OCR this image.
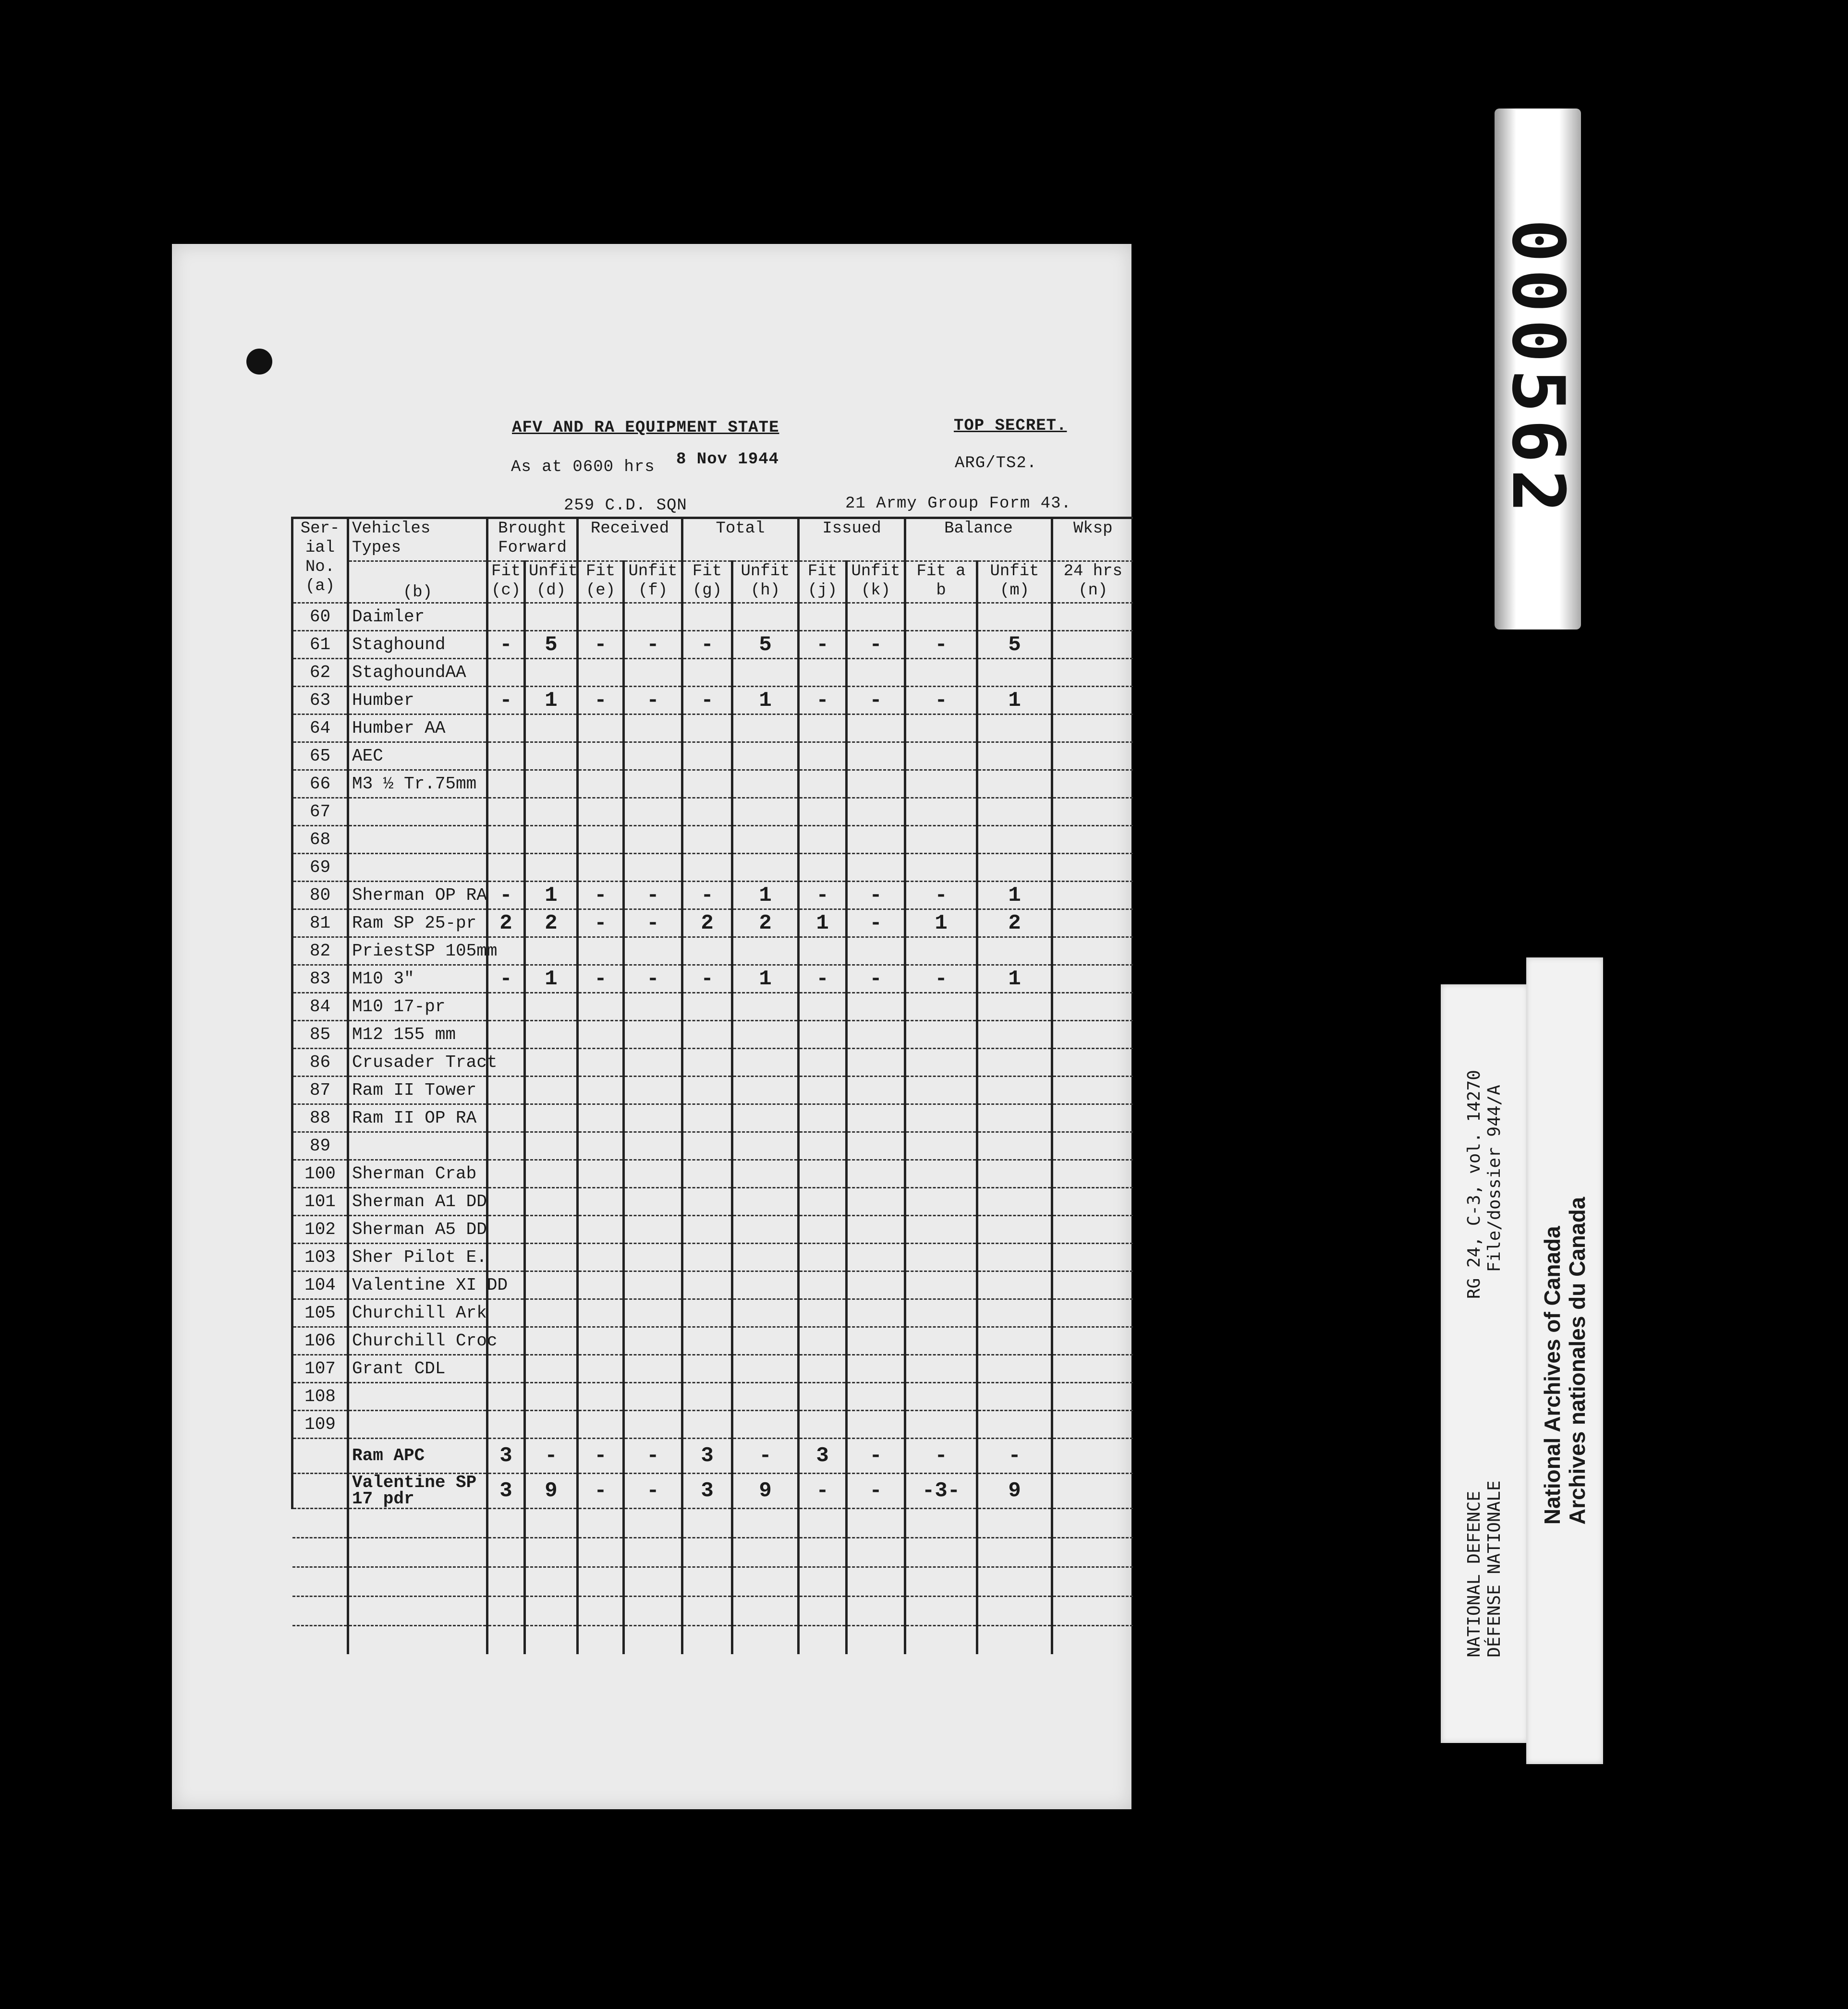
AFV AND RA EQUIPMENT STATE	TOP SECRET.
As at 0600 hrs 8 Nov 1944	ARG/TS2.
259 C.D. SQN	21 Army Group Form 43.
Ser- ial No. (a)	Vehicles Types	Brought Forward		Received		Total		Issued		Balance		Wksp
	(b)	Fit (c)	Unfit (d)	Fit (e)	Unfit (f)	Fit (g)	Unfit (h)	Fit (j)	Unfit (k)	Fit a b	Unfit (m)	24 hrs (n)
60	Daimler											
61	Staghound	-	5	-	-	-	5	-	-	-	5	
62	StaghoundAA											
63	Humber	-	1	-	-	-	1	-	-	-	1	
64	Humber AA											
65	AEC											
66	M3 ½ Tr.75mm											
67												
68												
69												
80	Sherman OP RA	-	1	-	-	-	1	-	-	-	1	
81	Ram SP 25-pr	2	2	-	-	2	2	1	-	1	2	
82	PriestSP 105mm											
83	M10 3"	-	1	-	-	-	1	-	-	-	1	
84	M10 17-pr											
85	M12 155 mm											
86	Crusader Tract											
87	Ram II Tower											
88	Ram II OP RA											
89												
100	Sherman Crab											
101	Sherman A1 DD											
102	Sherman A5 DD											
103	Sher Pilot E.											
104	Valentine XI DD											
105	Churchill Ark											
106	Churchill Croc											
107	Grant CDL											
108												
109												
	Ram APC	3	-	-	-	3	-	3	-	-	-	
	Valentine SP 17 pdr	3	9	-	-	3	9	-	-	-3-	9	

000562
NATIONAL DEFENCERG 24, C-3, vol. 14270
DÉFENSE NATIONALEFile/dossier 944/A
National Archives of Canada Archives nationales du Canada
